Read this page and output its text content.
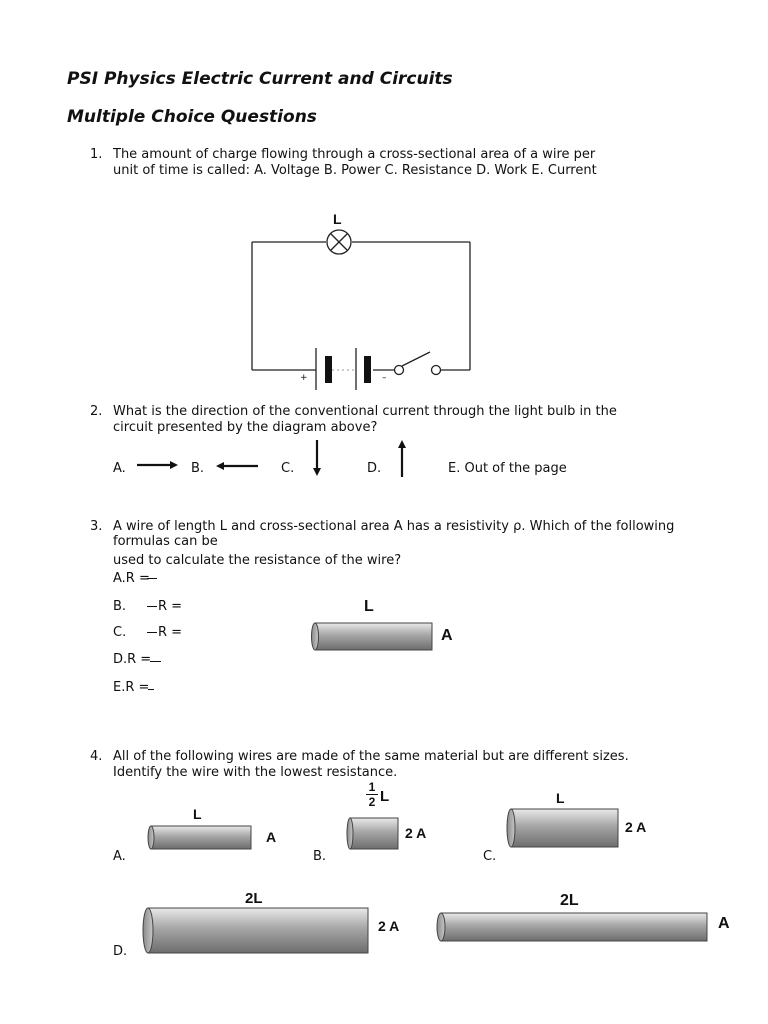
PSI Physics Electric Current and Circuits
Multiple Choice Questions
1. The amount of charge flowing through a cross-sectional area of a wire per
unit of time is called: A. Voltage B. Power C. Resistance D. Work E. Current
L
+	–
2. What is the direction of the conventional current through the light bulb in the
circuit presented by the diagram above?
A.	B.	C.	D.	E. Out of the page
3. A wire of length L and cross-sectional area A has a resistivity ρ. Which of the following
formulas can be
used to calculate the resistance of the wire?
A.R =
B. R =
C. R =
D.R =
E.R =
L
A
4. All of the following wires are made of the same material but are different sizes.
Identify the wire with the lowest resistance.
L
A
A.
1
2 L
2 A
B.
L
2 A
C.
2L
2 A
D.
2L
A
